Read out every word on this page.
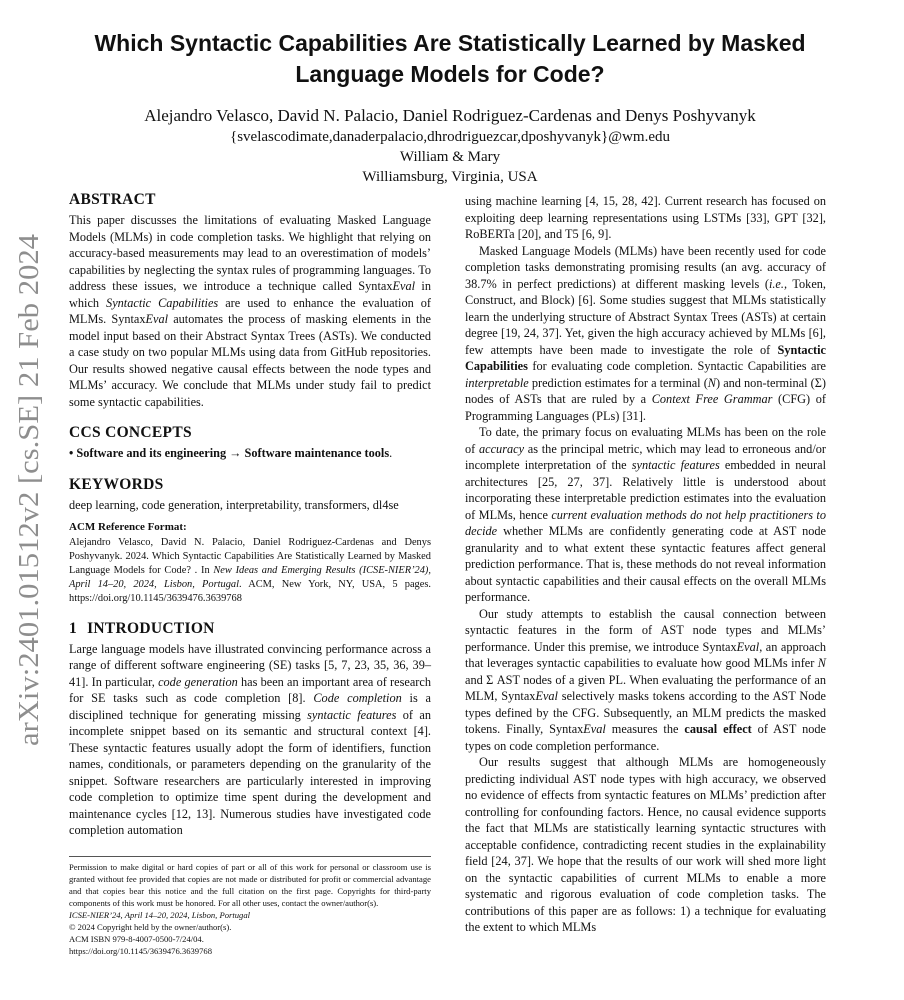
arXiv:2401.01512v2 [cs.SE] 21 Feb 2024
Which Syntactic Capabilities Are Statistically Learned by Masked Language Models for Code?
Alejandro Velasco, David N. Palacio, Daniel Rodriguez-Cardenas and Denys Poshyvanyk
{svelascodimate,danaderpalacio,dhrodriguezcar,dposhyvanyk}@wm.edu
William & Mary
Williamsburg, Virginia, USA
ABSTRACT

This paper discusses the limitations of evaluating Masked Language Models (MLMs) in code completion tasks. We highlight that relying on accuracy-based measurements may lead to an overestimation of models’ capabilities by neglecting the syntax rules of programming languages. To address these issues, we introduce a technique called SyntaxEval in which Syntactic Capabilities are used to enhance the evaluation of MLMs. SyntaxEval automates the process of masking elements in the model input based on their Abstract Syntax Trees (ASTs). We conducted a case study on two popular MLMs using data from GitHub repositories. Our results showed negative causal effects between the node types and MLMs’ accuracy. We conclude that MLMs under study fail to predict some syntactic capabilities.

CCS CONCEPTS

• Software and its engineering → Software maintenance tools.

KEYWORDS

deep learning, code generation, interpretability, transformers, dl4se

ACM Reference Format:

Alejandro Velasco, David N. Palacio, Daniel Rodriguez-Cardenas and Denys Poshyvanyk. 2024. Which Syntactic Capabilities Are Statistically Learned by Masked Language Models for Code? . In New Ideas and Emerging Results (ICSE-NIER’24), April 14–20, 2024, Lisbon, Portugal. ACM, New York, NY, USA, 5 pages. https://doi.org/10.1145/3639476.3639768

1 INTRODUCTION

Large language models have illustrated convincing performance across a range of different software engineering (SE) tasks [5, 7, 23, 35, 36, 39–41]. In particular, code generation has been an important area of research for SE tasks such as code completion [8]. Code completion is a disciplined technique for generating missing syntactic features of an incomplete snippet based on its semantic and structural context [4]. These syntactic features usually adopt the form of identifiers, function names, conditionals, or parameters depending on the granularity of the snippet. Software researchers are particularly interested in improving code completion to optimize time spent during the development and maintenance cycles [12, 13]. Numerous studies have investigated code completion automation

Permission to make digital or hard copies of part or all of this work for personal or classroom use is granted without fee provided that copies are not made or distributed for profit or commercial advantage and that copies bear this notice and the full citation on the first page. Copyrights for third-party components of this work must be honored. For all other uses, contact the owner/author(s).
ICSE-NIER’24, April 14–20, 2024, Lisbon, Portugal
© 2024 Copyright held by the owner/author(s).
ACM ISBN 979-8-4007-0500-7/24/04.
https://doi.org/10.1145/3639476.3639768

using machine learning [4, 15, 28, 42]. Current research has focused on exploiting deep learning representations using LSTMs [33], GPT [32], RoBERTa [20], and T5 [6, 9].

Masked Language Models (MLMs) have been recently used for code completion tasks demonstrating promising results (an avg. accuracy of 38.7% in perfect predictions) at different masking levels (i.e., Token, Construct, and Block) [6]. Some studies suggest that MLMs statistically learn the underlying structure of Abstract Syntax Trees (ASTs) at certain degree [19, 24, 37]. Yet, given the high accuracy achieved by MLMs [6], few attempts have been made to investigate the role of Syntactic Capabilities for evaluating code completion. Syntactic Capabilities are interpretable prediction estimates for a terminal (N) and non-terminal (Σ) nodes of ASTs that are ruled by a Context Free Grammar (CFG) of Programming Languages (PLs) [31].

To date, the primary focus on evaluating MLMs has been on the role of accuracy as the principal metric, which may lead to erroneous and/or incomplete interpretation of the syntactic features embedded in neural architectures [25, 27, 37]. Relatively little is understood about incorporating these interpretable prediction estimates into the evaluation of MLMs, hence current evaluation methods do not help practitioners to decide whether MLMs are confidently generating code at AST node granularity and to what extent these syntactic features affect general prediction performance. That is, these methods do not reveal information about syntactic capabilities and their causal effects on the overall MLMs performance.

Our study attempts to establish the causal connection between syntactic features in the form of AST node types and MLMs’ performance. Under this premise, we introduce SyntaxEval, an approach that leverages syntactic capabilities to evaluate how good MLMs infer N and Σ AST nodes of a given PL. When evaluating the performance of an MLM, SyntaxEval selectively masks tokens according to the AST Node types defined by the CFG. Subsequently, an MLM predicts the masked tokens. Finally, SyntaxEval measures the causal effect of AST node types on code completion performance.

Our results suggest that although MLMs are homogeneously predicting individual AST node types with high accuracy, we observed no evidence of effects from syntactic features on MLMs’ prediction after controlling for confounding factors. Hence, no causal evidence supports the fact that MLMs are statistically learning syntactic structures with acceptable confidence, contradicting recent studies in the explainability field [24, 37]. We hope that the results of our work will shed more light on the syntactic capabilities of current MLMs to enable a more systematic and rigorous evaluation of code completion tasks. The contributions of this paper are as follows: 1) a technique for evaluating the extent to which MLMs
